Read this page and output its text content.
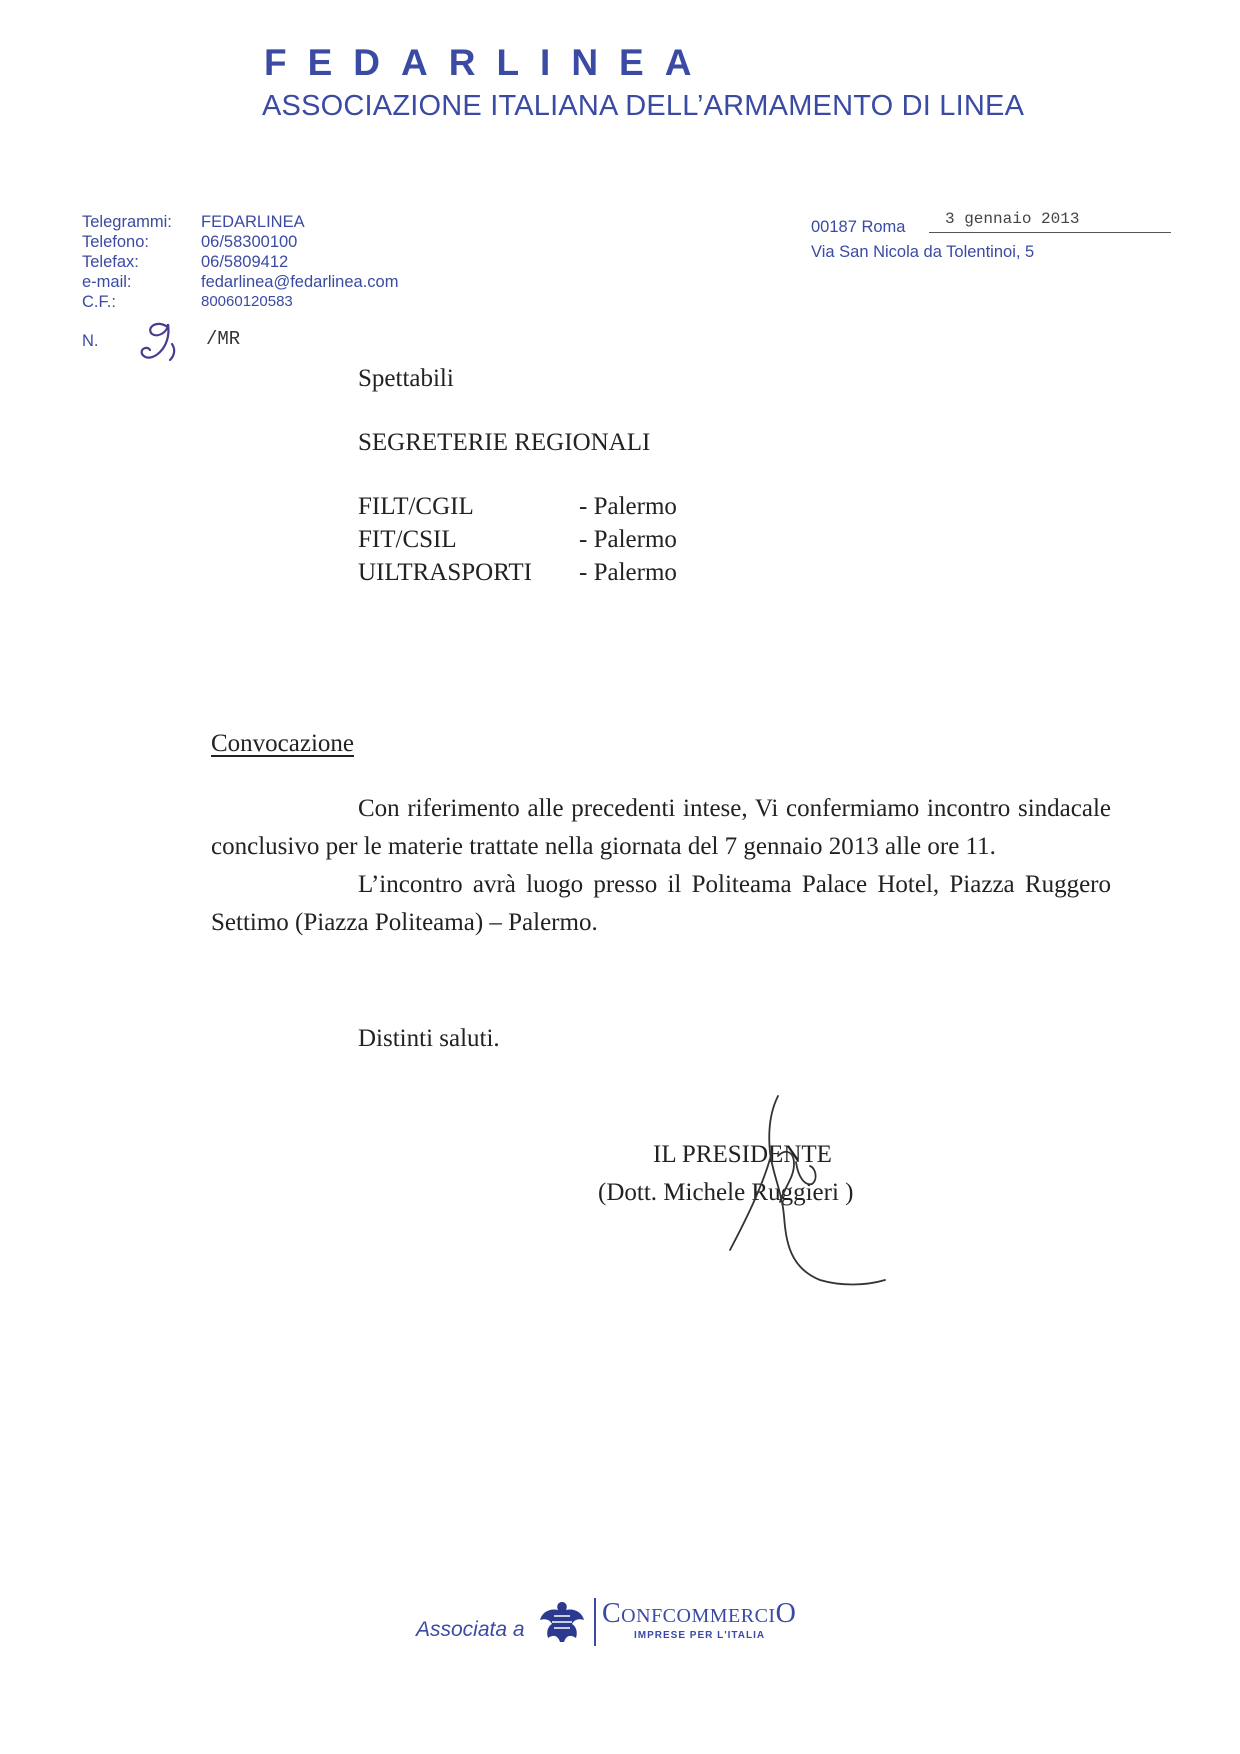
FEDARLINEA
ASSOCIAZIONE ITALIANA DELL’ARMAMENTO DI LINEA
Telegrammi:	FEDARLINEA
Telefono:	06/58300100
Telefax:	06/5809412
e-mail:	fedarlinea@fedarlinea.com
C.F.:	80060120583
N.	/MR
00187 Roma 3 gennaio 2013
Via San Nicola da Tolentinoi, 5
Spettabili
SEGRETERIE REGIONALI
FILT/CGIL	- Palermo
FIT/CSIL	- Palermo
UILTRASPORTI	- Palermo
Convocazione

Con riferimento alle precedenti intese, Vi confermiamo incontro sindacale conclusivo per le materie trattate nella giornata del 7 gennaio 2013 alle ore 11.

L’incontro avrà luogo presso il Politeama Palace Hotel, Piazza Ruggero Settimo (Piazza Politeama) – Palermo.

Distinti saluti.
IL PRESIDENTE
(Dott. Michele Ruggieri )
Associata a
ConfcommerciO
IMPRESE PER L'ITALIA
